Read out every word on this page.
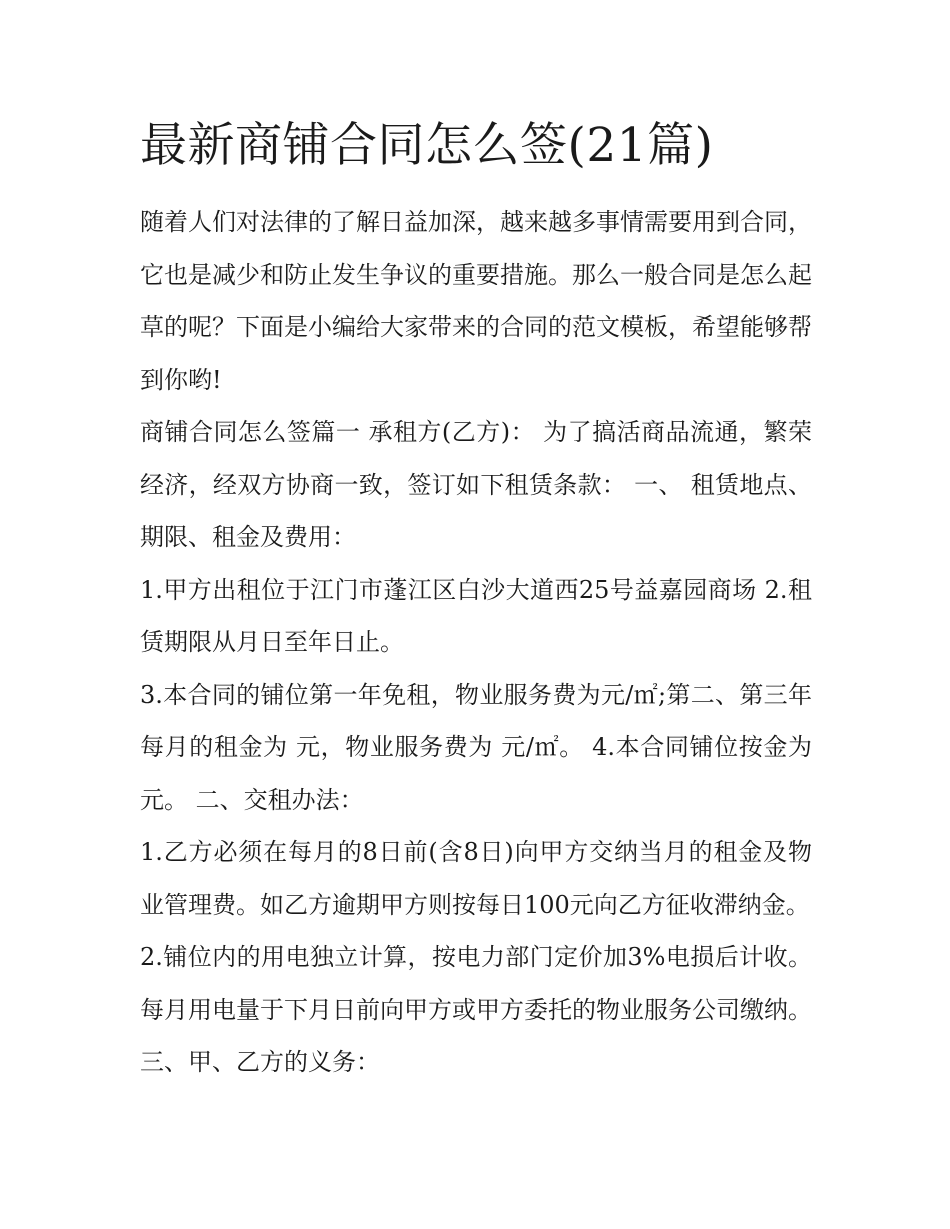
最新商铺合同怎么签(21篇)

随着人们对法律的了解日益加深，越来越多事情需要用到合同，它也是减少和防止发生争议的重要措施。那么一般合同是怎么起草的呢？下面是小编给大家带来的合同的范文模板，希望能够帮到你哟!

商铺合同怎么签篇一 承租方(乙方)： 为了搞活商品流通，繁荣经济，经双方协商一致，签订如下租赁条款： 一、 租赁地点、期限、租金及费用：

1.甲方出租位于江门市蓬江区白沙大道西25号益嘉园商场 2.租赁期限从月日至年日止。

3.本合同的铺位第一年免租，物业服务费为元/㎡;第二、第三年每月的租金为 元，物业服务费为 元/㎡。 4.本合同铺位按金为元。 二、交租办法：

1.乙方必须在每月的8日前(含8日)向甲方交纳当月的租金及物业管理费。如乙方逾期甲方则按每日100元向乙方征收滞纳金。

2.铺位内的用电独立计算，按电力部门定价加3%电损后计收。每月用电量于下月日前向甲方或甲方委托的物业服务公司缴纳。 三、甲、乙方的义务：
